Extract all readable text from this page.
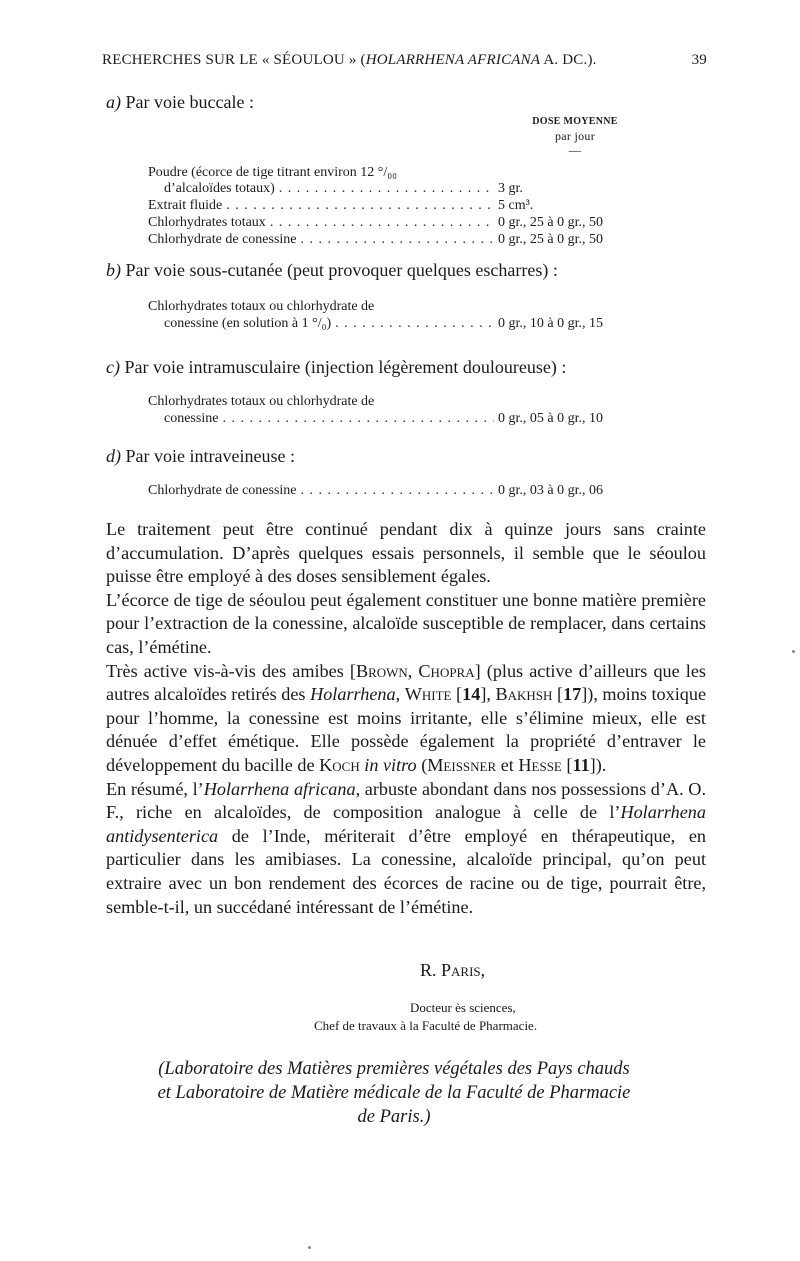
RECHERCHES SUR LE « SÉOULOU » (HOLARRHENA AFRICANA A. DC.).	39
a) Par voie buccale :
DOSE MOYENNE
par jour
—
Poudre (écorce de tige titrant environ 12 °/₀₀
d’alcaloïdes totaux) . . .	3 gr.
Extrait fluide . . .	5 cm³.
Chlorhydrates totaux . . .	0 gr., 25 à 0 gr., 50
Chlorhydrate de conessine . . .	0 gr., 25 à 0 gr., 50
b) Par voie sous-cutanée (peut provoquer quelques escharres) :
Chlorhydrates totaux ou chlorhydrate de
conessine (en solution à 1 °/₀) . . .	0 gr., 10 à 0 gr., 15
c) Par voie intramusculaire (injection légèrement douloureuse) :
Chlorhydrates totaux ou chlorhydrate de
conessine . . .	0 gr., 05 à 0 gr., 10
d) Par voie intraveineuse :
Chlorhydrate de conessine . . .	0 gr., 03 à 0 gr., 06

Le traitement peut être continué pendant dix à quinze jours sans crainte d’accumulation. D’après quelques essais personnels, il semble que le séoulou puisse être employé à des doses sensiblement égales.

L’écorce de tige de séoulou peut également constituer une bonne matière première pour l’extraction de la conessine, alcaloïde susceptible de remplacer, dans certains cas, l’émétine.

Très active vis-à-vis des amibes [Brown, Chopra] (plus active d’ailleurs que les autres alcaloïdes retirés des Holarrhena, White [14], Bakhsh [17]), moins toxique pour l’homme, la conessine est moins irritante, elle s’élimine mieux, elle est dénuée d’effet émétique. Elle possède également la propriété d’entraver le développement du bacille de Koch in vitro (Meissner et Hesse [11]).

En résumé, l’Holarrhena africana, arbuste abondant dans nos possessions d’A. O. F., riche en alcaloïdes, de composition analogue à celle de l’Holarrhena antidysenterica de l’Inde, mériterait d’être employé en thérapeutique, en particulier dans les amibiases. La conessine, alcaloïde principal, qu’on peut extraire avec un bon rendement des écorces de racine ou de tige, pourrait être, semble-t-il, un succédané intéressant de l’émétine.

R. Paris,
Docteur ès sciences,
Chef de travaux à la Faculté de Pharmacie.
(Laboratoire des Matières premières végétales des Pays chauds
et Laboratoire de Matière médicale de la Faculté de Pharmacie
de Paris.)
